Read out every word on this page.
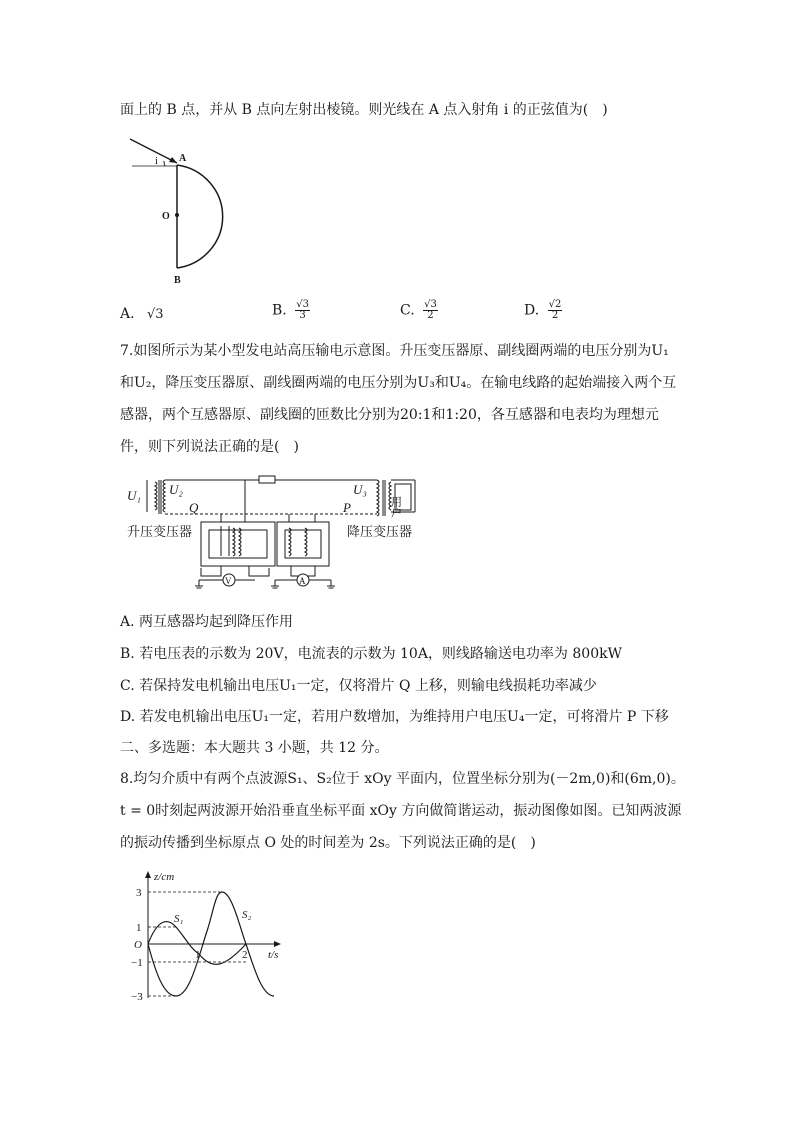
面上的 B 点，并从 B 点向左射出棱镜。则光线在 A 点入射角 i 的正弦值为(　)
i A
O
B
A. √3	B. $\frac{√3}{3}$	C. $\frac{√3}{2}$	D. $\frac{√2}{2}$
7.如图所示为某小型发电站高压输电示意图。升压变压器原、副线圈两端的电压分别为U₁
和U₂，降压变压器原、副线圈两端的电压分别为U₃和U₄。在输电线路的起始端接入两个互
感器，两个互感器原、副线圈的匝数比分别为20:1和1:20，各互感器和电表均为理想元
件，则下列说法正确的是(　)
U₁ U₂
Q
U₃
P	用户
升压变压器	降压变压器
V	A
A. 两互感器均起到降压作用
B. 若电压表的示数为 20V，电流表的示数为 10A，则线路输送电功率为 800kW
C. 若保持发电机输出电压U₁一定，仅将滑片 Q 上移，则输电线损耗功率减少
D. 若发电机输出电压U₁一定，若用户数增加，为维持用户电压U₄一定，可将滑片 P 下移
二、多选题：本大题共 3 小题，共 12 分。
8.均匀介质中有两个点波源S₁、S₂位于 xOy 平面内，位置坐标分别为(－2m,0)和(6m,0)。
t = 0时刻起两波源开始沿垂直坐标平面 xOy 方向做简谐运动，振动图像如图。已知两波源
的振动传播到坐标原点 O 处的时间差为 2s。下列说法正确的是(　)
z/cm
t/s
O
3
1
−1
−3
1	2
S₁	S₂
